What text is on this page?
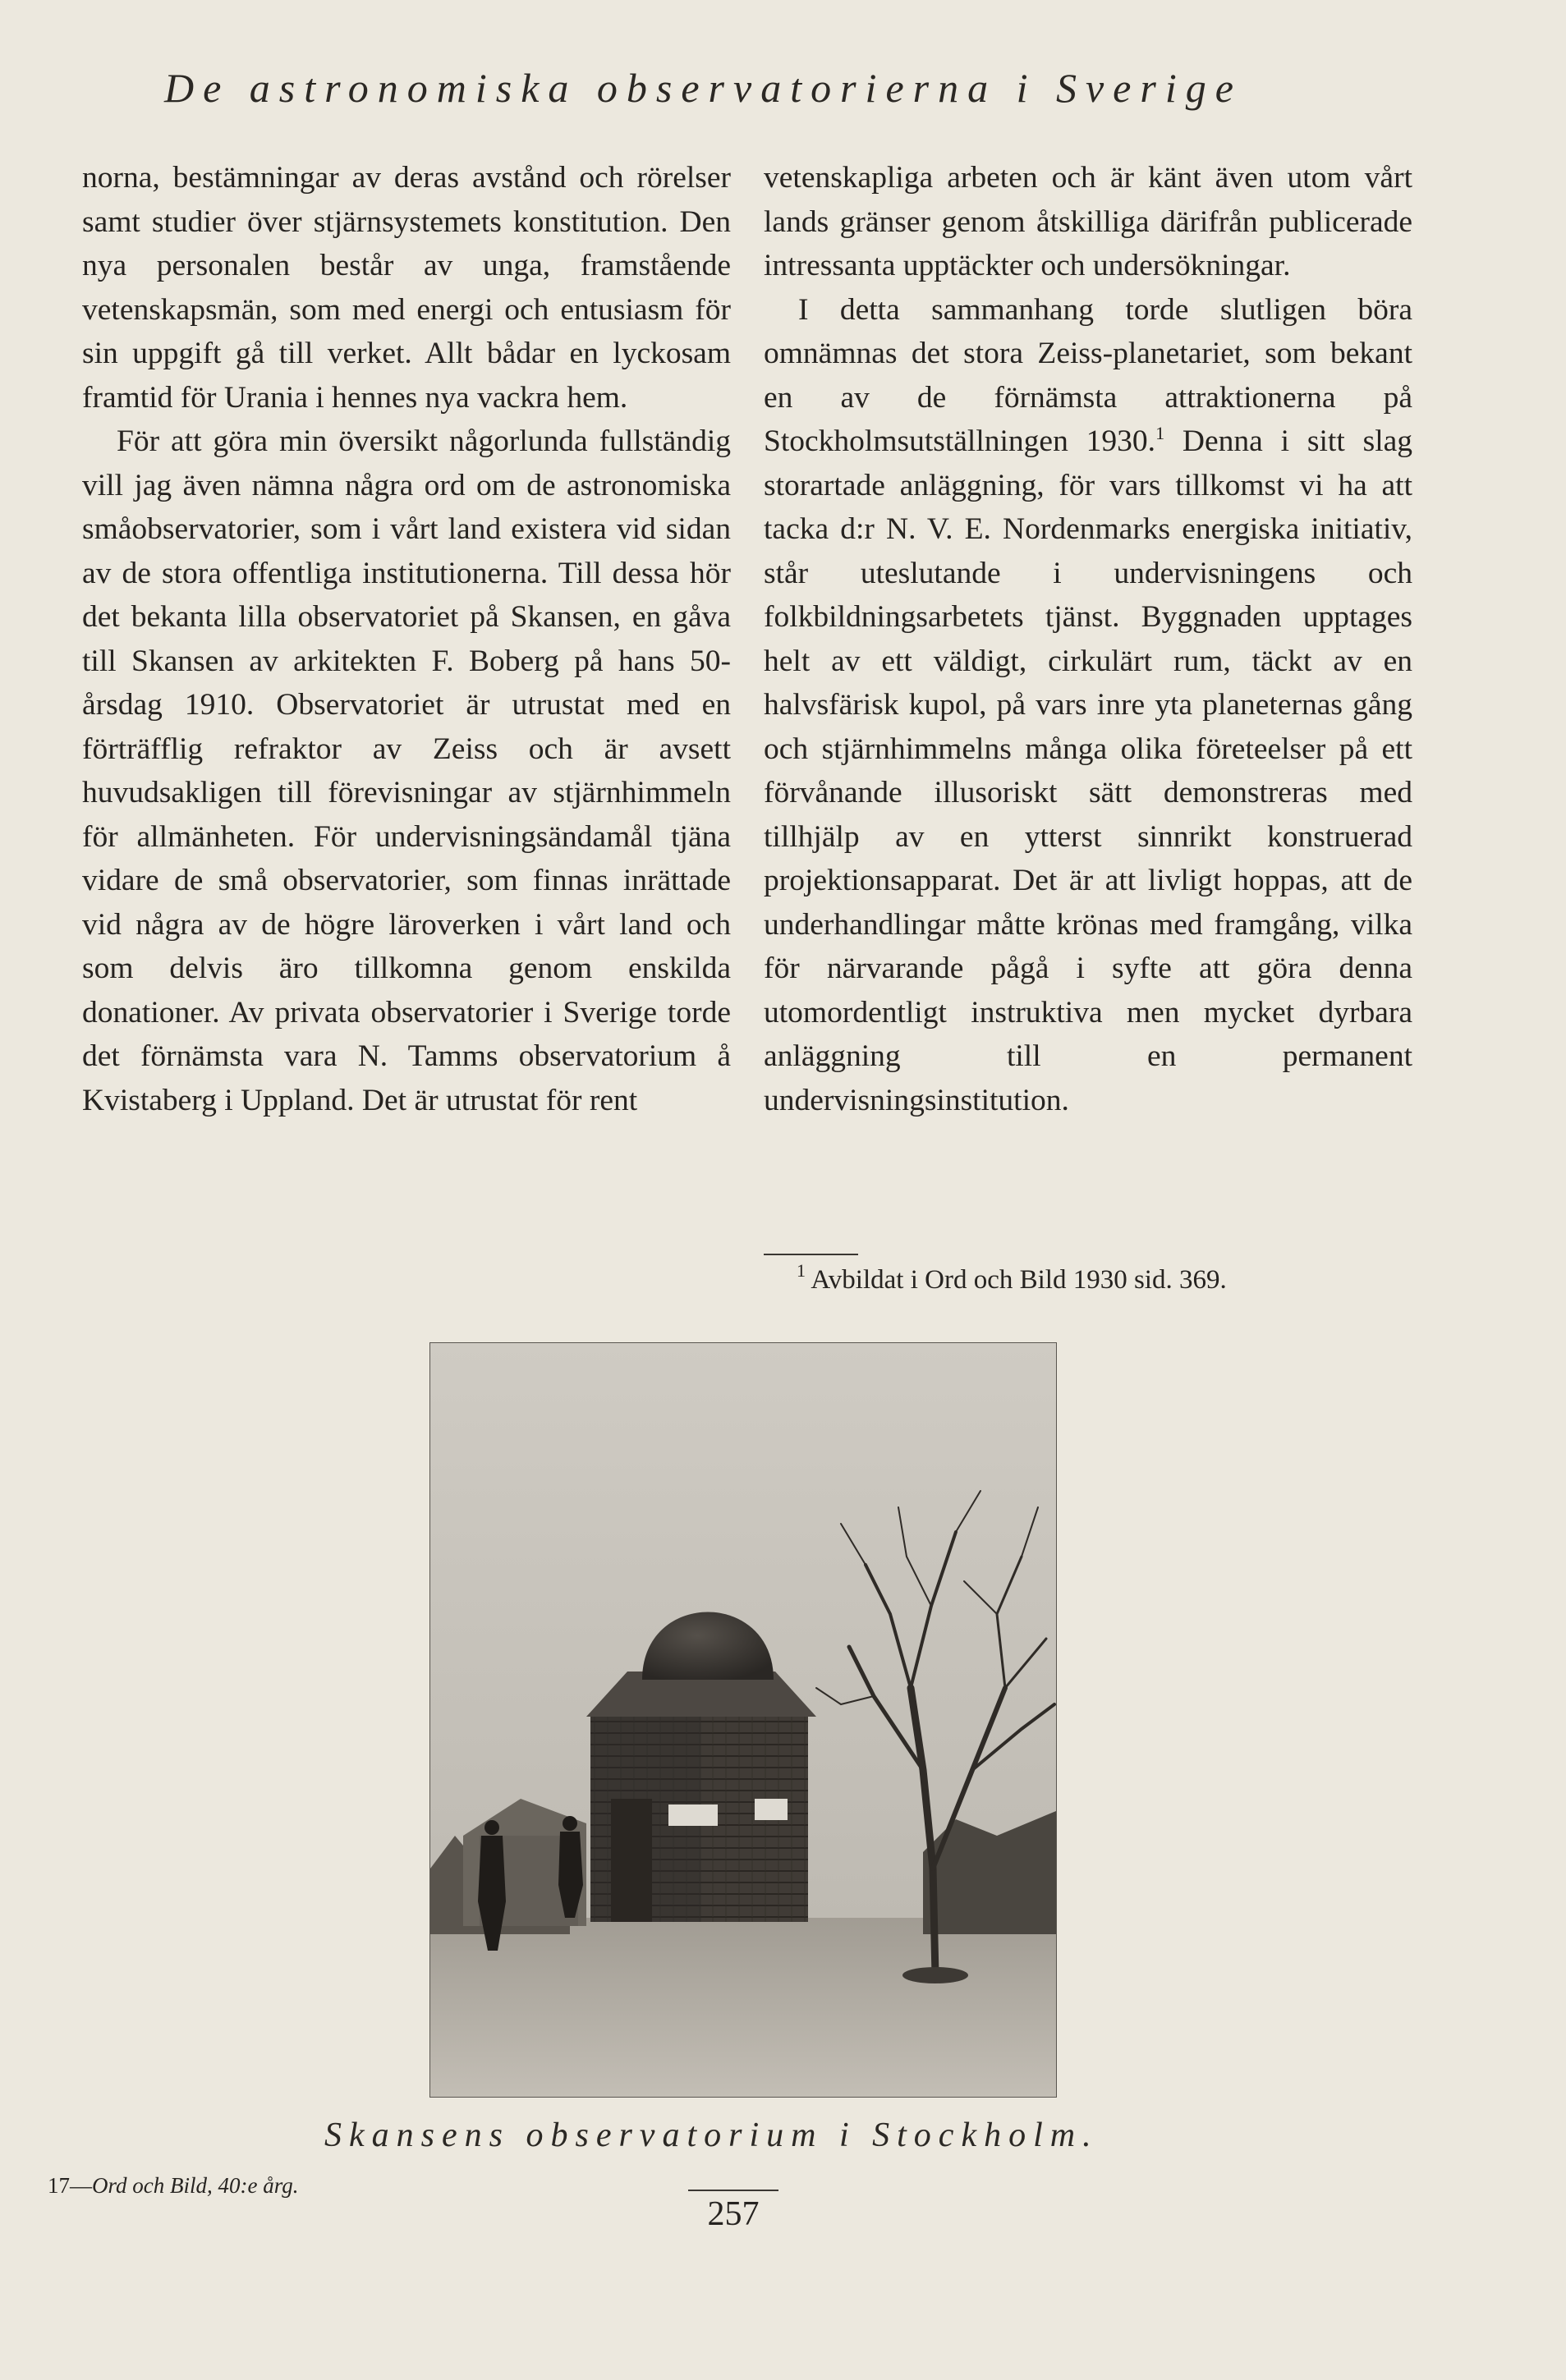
De astronomiska observatorierna i Sverige

norna, bestämningar av deras avstånd och rörelser samt studier över stjärnsystemets konstitution. Den nya personalen består av unga, framstående vetenskapsmän, som med energi och entusiasm för sin uppgift gå till verket. Allt bådar en lyckosam framtid för Urania i hennes nya vackra hem.

För att göra min översikt någorlunda fullständig vill jag även nämna några ord om de astronomiska småobservatorier, som i vårt land existera vid sidan av de stora offentliga institutionerna. Till dessa hör det bekanta lilla observatoriet på Skansen, en gåva till Skansen av arkitekten F. Boberg på hans 50-årsdag 1910. Observatoriet är utrustat med en förträfflig refraktor av Zeiss och är avsett huvudsakligen till förevisningar av stjärnhimmeln för allmänheten. För undervisningsändamål tjäna vidare de små observatorier, som finnas inrättade vid några av de högre läroverken i vårt land och som delvis äro tillkomna genom enskilda donationer. Av privata observatorier i Sverige torde det förnämsta vara N. Tamms observatorium å Kvistaberg i Uppland. Det är utrustat för rent

vetenskapliga arbeten och är känt även utom vårt lands gränser genom åtskilliga därifrån publicerade intressanta upptäckter och undersökningar.

I detta sammanhang torde slutligen böra omnämnas det stora Zeiss-planetariet, som bekant en av de förnämsta attraktionerna på Stockholmsutställningen 1930.$^1$ Denna i sitt slag storartade anläggning, för vars tillkomst vi ha att tacka d:r N. V. E. Nordenmarks energiska initiativ, står uteslutande i undervisningens och folkbildningsarbetets tjänst. Byggnaden upptages helt av ett väldigt, cirkulärt rum, täckt av en halvsfärisk kupol, på vars inre yta planeternas gång och stjärnhimmelns många olika företeelser på ett förvånande illusoriskt sätt demonstreras med tillhjälp av en ytterst sinnrikt konstruerad projektionsapparat. Det är att livligt hoppas, att de underhandlingar måtte krönas med framgång, vilka för närvarande pågå i syfte att göra denna utomordentligt instruktiva men mycket dyrbara anläggning till en permanent undervisningsinstitution.

$^1$ Avbildat i Ord och Bild 1930 sid. 369.
Skansens observatorium i Stockholm.
17—Ord och Bild, 40:e årg.
257
